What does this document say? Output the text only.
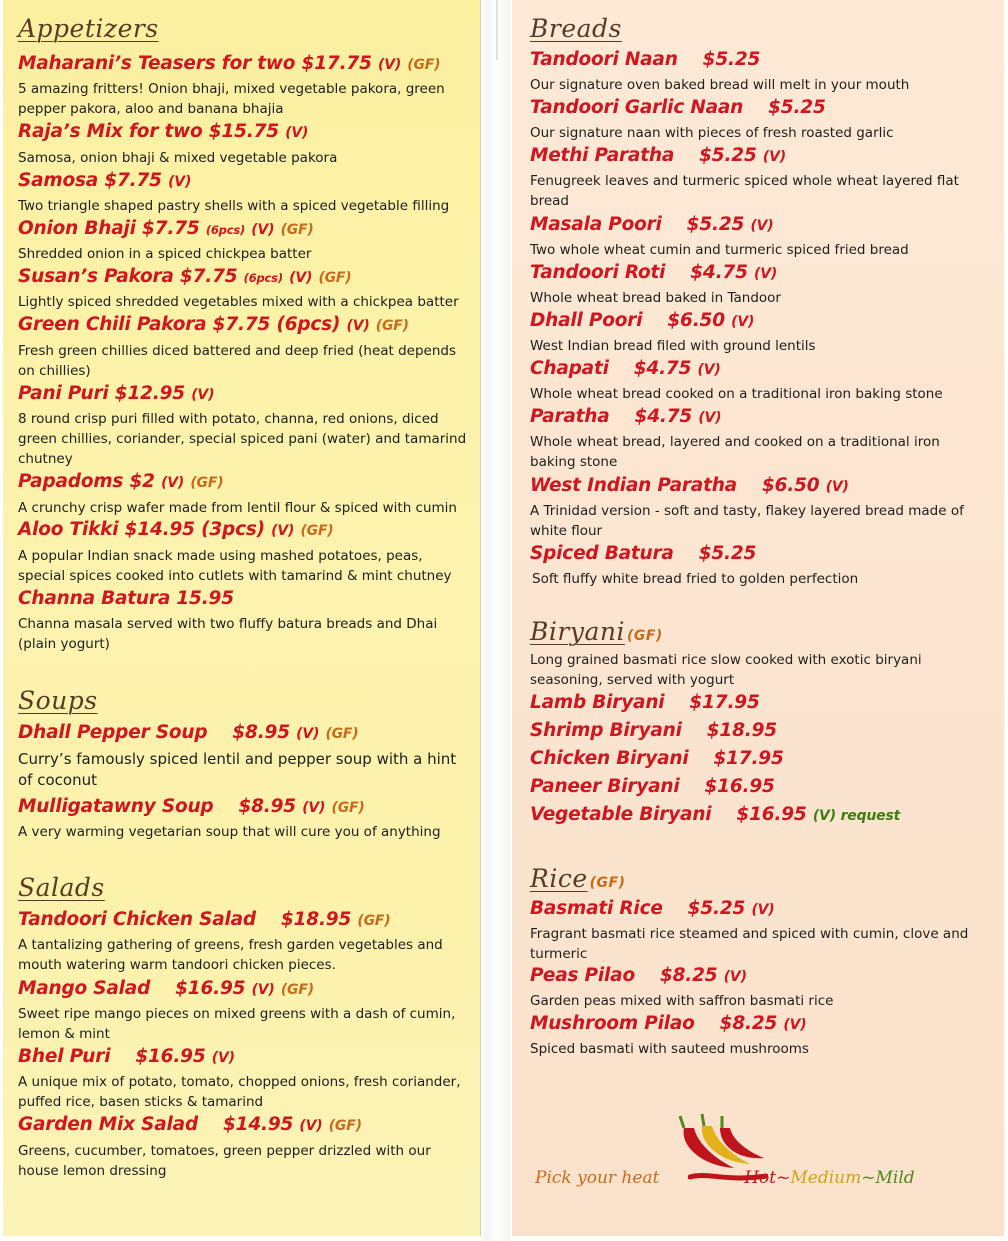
Appetizers
Maharani’s Teasers for two $17.75 (V) (GF)
5 amazing fritters! Onion bhaji, mixed vegetable pakora, green pepper pakora, aloo and banana bhajia
Raja’s Mix for two $15.75 (V)
Samosa, onion bhaji & mixed vegetable pakora
Samosa $7.75 (V)
Two triangle shaped pastry shells with a spiced vegetable filling
Onion Bhaji $7.75 (6pcs) (V) (GF)
Shredded onion in a spiced chickpea batter
Susan’s Pakora $7.75 (6pcs) (V) (GF)
Lightly spiced shredded vegetables mixed with a chickpea batter
Green Chili Pakora $7.75 (6pcs) (V) (GF)
Fresh green chillies diced battered and deep fried (heat depends on chillies)
Pani Puri $12.95 (V)
8 round crisp puri filled with potato, channa, red onions, diced green chillies, coriander, special spiced pani (water) and tamarind chutney
Papadoms $2 (V) (GF)
A crunchy crisp wafer made from lentil flour & spiced with cumin
Aloo Tikki $14.95 (3pcs) (V) (GF)
A popular Indian snack made using mashed potatoes, peas, special spices cooked into cutlets with tamarind & mint chutney
Channa Batura 15.95
Channa masala served with two fluffy batura breads and Dhai (plain yogurt)
Soups
Dhall Pepper Soup $8.95 (V) (GF)
Curry’s famously spiced lentil and pepper soup with a hint of coconut
Mulligatawny Soup $8.95 (V) (GF)
A very warming vegetarian soup that will cure you of anything
Salads
Tandoori Chicken Salad $18.95 (GF)
A tantalizing gathering of greens, fresh garden vegetables and mouth watering warm tandoori chicken pieces.
Mango Salad $16.95 (V) (GF)
Sweet ripe mango pieces on mixed greens with a dash of cumin, lemon & mint
Bhel Puri $16.95 (V)
A unique mix of potato, tomato, chopped onions, fresh coriander, puffed rice, basen sticks & tamarind
Garden Mix Salad $14.95 (V) (GF)
Greens, cucumber, tomatoes, green pepper drizzled with our house lemon dressing
Breads
Tandoori Naan $5.25
Our signature oven baked bread will melt in your mouth
Tandoori Garlic Naan $5.25
Our signature naan with pieces of fresh roasted garlic
Methi Paratha $5.25 (V)
Fenugreek leaves and turmeric spiced whole wheat layered flat bread
Masala Poori $5.25 (V)
Two whole wheat cumin and turmeric spiced fried bread
Tandoori Roti $4.75 (V)
Whole wheat bread baked in Tandoor
Dhall Poori $6.50 (V)
West Indian bread filed with ground lentils
Chapati $4.75 (V)
Whole wheat bread cooked on a traditional iron baking stone
Paratha $4.75 (V)
Whole wheat bread, layered and cooked on a traditional iron baking stone
West Indian Paratha $6.50 (V)
A Trinidad version - soft and tasty, flakey layered bread made of white flour
Spiced Batura $5.25
Soft fluffy white bread fried to golden perfection
Biryani (GF)
Long grained basmati rice slow cooked with exotic biryani seasoning, served with yogurt
Lamb Biryani $17.95
Shrimp Biryani $18.95
Chicken Biryani $17.95
Paneer Biryani $16.95
Vegetable Biryani $16.95 (V) request
Rice (GF)
Basmati Rice $5.25 (V)
Fragrant basmati rice steamed and spiced with cumin, clove and turmeric
Peas Pilao $8.25 (V)
Garden peas mixed with saffron basmati rice
Mushroom Pilao $8.25 (V)
Spiced basmati with sauteed mushrooms
Pick your heat	Hot~Medium~Mild
